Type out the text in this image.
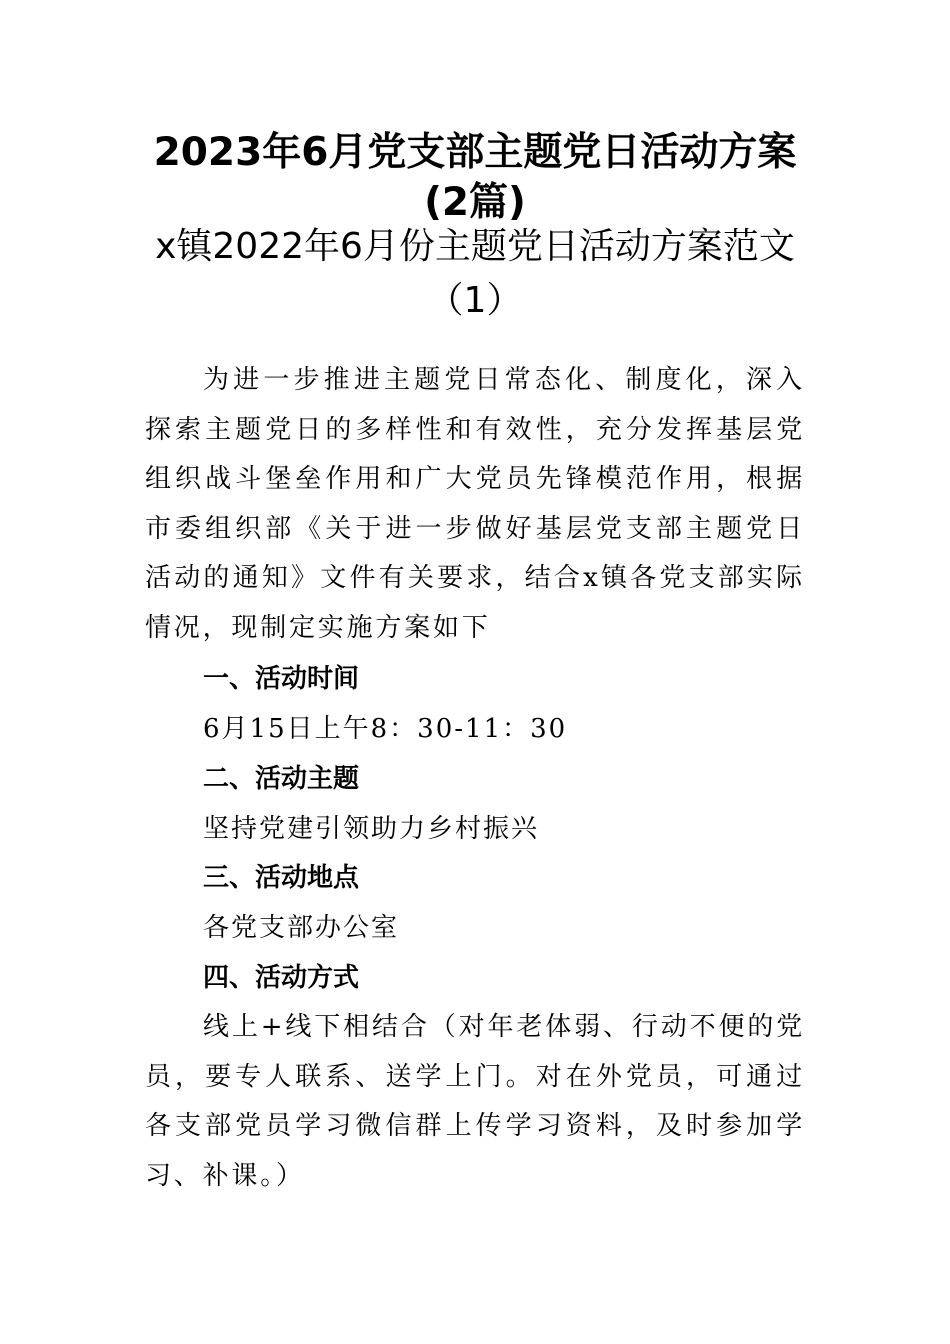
2023年6月党支部主题党日活动方案(2篇)
x镇2022年6月份主题党日活动方案范文（1）

为进一步推进主题党日常态化、制度化，深入探索主题党日的多样性和有效性，充分发挥基层党组织战斗堡垒作用和广大党员先锋模范作用，根据市委组织部《关于进一步做好基层党支部主题党日活动的通知》文件有关要求，结合x镇各党支部实际情况，现制定实施方案如下

一、活动时间
6月15日上午8：30-11：30
二、活动主题
坚持党建引领助力乡村振兴
三、活动地点
各党支部办公室
四、活动方式

线上+线下相结合（对年老体弱、行动不便的党员，要专人联系、送学上门。对在外党员，可通过各支部党员学习微信群上传学习资料，及时参加学习、补课。）
